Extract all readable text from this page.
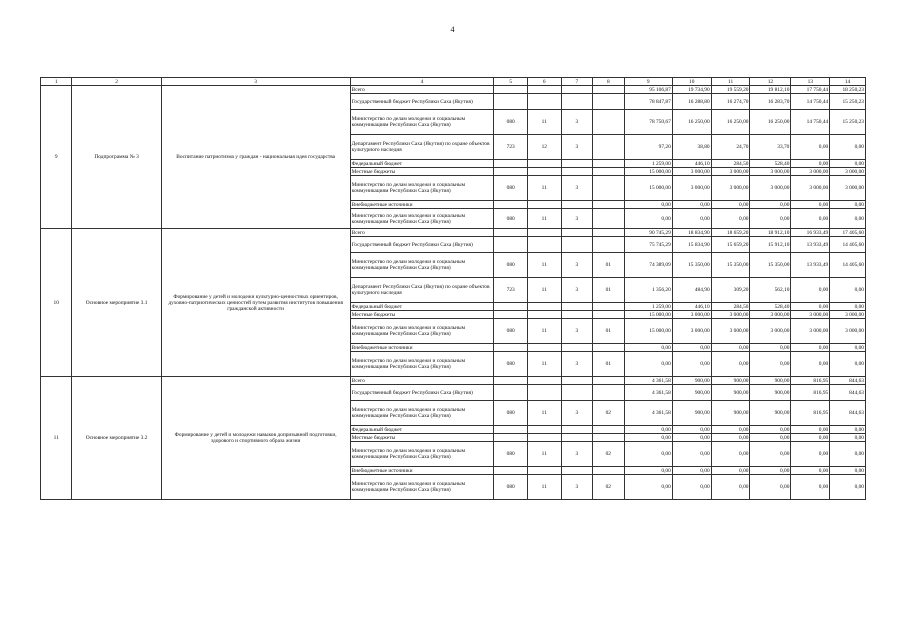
4
1	2	3	4	5	6	7	8	9	10	11	12	13	14
9	Подпрограмма № 3	Воспитание патриотизма у граждан - национальная идея государства	Всего					95 106,87	19 734,90	19 559,20	19 812,10	17 750,44	18 250,23
			Государственный бюджет Республики Саха (Якутия)					78 847,87	16 288,80	16 274,70	16 283,70	14 750,44	15 250,23
			Министерство по делам молодежи и социальным коммуникациям Республики Саха (Якутия)	080	11	3		78 750,67	16 250,00	16 250,00	16 250,00	14 750,44	15 250,23
			Департамент Республики Саха (Якутия) по охране объектов культурного наследия	723	12	3		97,20	38,80	24,70	33,70	0,00	0,00
			Федеральный бюджет					1 259,00	446,10	284,50	528,40	0,00	0,00
			Местные бюджеты					15 000,00	3 000,00	3 000,00	3 000,00	3 000,00	3 000,00
			Министерство по делам молодежи и социальным коммуникациям Республики Саха (Якутия)	080	11	3		15 000,00	3 000,00	3 000,00	3 000,00	3 000,00	3 000,00
			Внебюджетные источники					0,00	0,00	0,00	0,00	0,00	0,00
			Министерство по делам молодежи и социальным коммуникациям Республики Саха (Якутия)	080	11	3		0,00	0,00	0,00	0,00	0,00	0,00
10	Основное мероприятие 3.1	Формирование у детей и молодежи культурно-ценностных ориентиров, духовно-патриотических ценностей путем развития институтов повышения гражданской активности	Всего					90 745,29	18 834,90	18 659,20	18 912,10	16 933,49	17 405,60
			Государственный бюджет Республики Саха (Якутия)					75 745,29	15 834,90	15 659,20	15 912,10	13 933,49	14 405,60
			Министерство по делам молодежи и социальным коммуникациям Республики Саха (Якутия)	080	11	3	01	74 389,09	15 350,00	15 350,00	15 350,00	13 933,49	14 405,60
			Департамент Республики Саха (Якутия) по охране объектов культурного наследия	723	11	3	01	1 356,20	484,90	309,20	562,10	0,00	0,00
			Федеральный бюджет					1 259,00	446,10	284,50	528,40	0,00	0,00
			Местные бюджеты					15 000,00	3 000,00	3 000,00	3 000,00	3 000,00	3 000,00
			Министерство по делам молодежи и социальным коммуникациям Республики Саха (Якутия)	080	11	3	01	15 000,00	3 000,00	3 000,00	3 000,00	3 000,00	3 000,00
			Внебюджетные источники					0,00	0,00	0,00	0,00	0,00	0,00
			Министерство по делам молодежи и социальным коммуникациям Республики Саха (Якутия)	080	11	3	01	0,00	0,00	0,00	0,00	0,00	0,00
11	Основное мероприятие 3.2	Формирование у детей и молодежи навыков допризывной подготовки, здорового и спортивного образа жизни	Всего					4 361,58	900,00	900,00	900,00	816,95	844,63
			Государственный бюджет Республики Саха (Якутия)					4 361,58	900,00	900,00	900,00	816,95	844,63
			Министерство по делам молодежи и социальным коммуникациям Республики Саха (Якутия)	080	11	3	02	4 361,58	900,00	900,00	900,00	816,95	844,63
			Федеральный бюджет					0,00	0,00	0,00	0,00	0,00	0,00
			Местные бюджеты					0,00	0,00	0,00	0,00	0,00	0,00
			Министерство по делам молодежи и социальным коммуникациям Республики Саха (Якутия)	080	11	3	02	0,00	0,00	0,00	0,00	0,00	0,00
			Внебюджетные источники					0,00	0,00	0,00	0,00	0,00	0,00
			Министерство по делам молодежи и социальным коммуникациям Республики Саха (Якутия)	080	11	3	02	0,00	0,00	0,00	0,00	0,00	0,00
